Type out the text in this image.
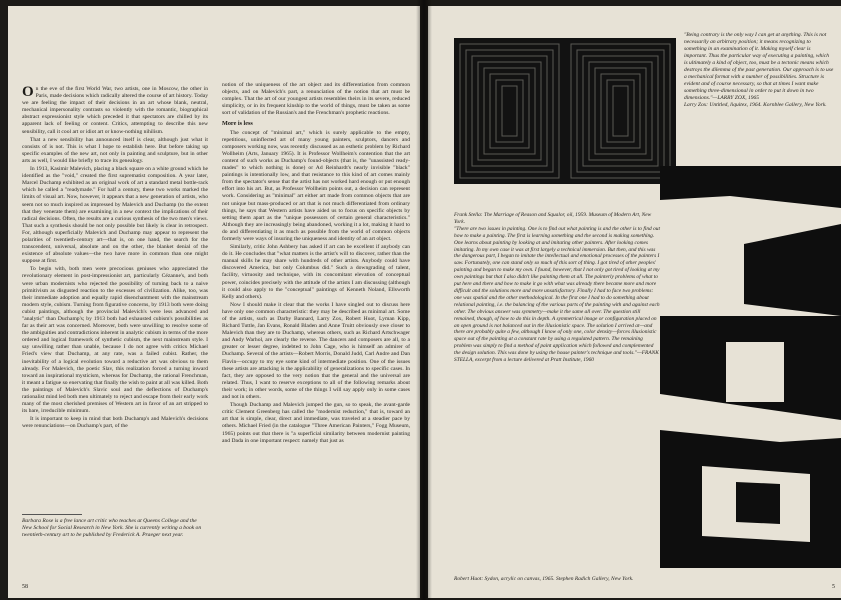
On the eve of the first World War, two artists, one in Moscow, the other in Paris, made decisions which radically altered the course of art history. Today we are feeling the impact of their decisions in an art whose blank, neutral, mechanical impersonality contrasts so violently with the romantic, biographical abstract expressionist style which preceded it that spectators are chilled by its apparent lack of feeling or content. Critics, attempting to describe this new sensibility, call it cool art or idiot art or know-nothing nihilism.

That a new sensibility has announced itself is clear, although just what it consists of is not. This is what I hope to establish here. But before taking up specific examples of the new art, not only in painting and sculpture, but in other arts as well, I would like briefly to trace its genealogy.

In 1913, Kasimir Malevich, placing a black square on a white ground which he identified as the "void," created the first suprematist composition. A year later, Marcel Duchamp exhibited as an original work of art a standard metal bottle-rack which he called a "readymade." For half a century, these two works marked the limits of visual art. Now, however, it appears that a new generation of artists, who seem not so much inspired as impressed by Malevich and Duchamp (to the extent that they venerate them) are examining in a new context the implications of their radical decisions. Often, the results are a curious synthesis of the two men's views. That such a synthesis should be not only possible but likely is clear in retrospect. For, although superficially Malevich and Duchamp may appear to represent the polarities of twentieth-century art—that is, on one hand, the search for the transcendent, universal, absolute and on the other, the blanket denial of the existence of absolute values—the two have more in common than one might suppose at first.

To begin with, both men were precocious geniuses who appreciated the revolutionary element in post-impressionist art, particularly Cézanne's, and both were urban modernists who rejected the possibility of turning back to a naive primitivism as disgusted reaction to the excesses of civilization. Alike, too, was their immediate adoption and equally rapid disenchantment with the mainstream modern style, cubism. Turning from figurative concerns, by 1913 both were doing cubist paintings, although the provincial Malevich's were less advanced and "analytic" than Duchamp's; by 1913 both had exhausted cubism's possibilities as far as their art was concerned. Moreover, both were unwilling to resolve some of the ambiguities and contradictions inherent in analytic cubism in terms of the more ordered and logical framework of synthetic cubism, the next mainstream style. I say unwilling rather than unable, because I do not agree with critics Michael Fried's view that Duchamp, at any rate, was a failed cubist. Rather, the inevitability of a logical evolution toward a reductive art was obvious to them already. For Malevich, the poetic Slav, this realization forced a turning inward toward an inspirational mysticism, whereas for Duchamp, the rational Frenchman, it meant a fatigue so enervating that finally the wish to paint at all was killed. Both the paintings of Malevich's Slavic soul and the deflections of Duchamp's rationalist mind led both men ultimately to reject and escape from their early work many of the most cherished premises of Western art in favor of an art stripped to its bare, irreducible minimum.

It is important to keep in mind that both Duchamp's and Malevich's decisions were renunciations—on Duchamp's part, of the

notion of the uniqueness of the art object and its differentiation from common objects, and on Malevich's part, a renunciation of the notion that art must be complex. That the art of our youngest artists resembles theirs in its severe, reduced simplicity, or in its frequent kinship to the world of things, must be taken as some sort of validation of the Russian's and the Frenchman's prophetic reactions.

More is less

The concept of "minimal art," which is surely applicable to the empty, repetitious, uninflected art of many young painters, sculptors, dancers and composers working now, was recently discussed as an esthetic problem by Richard Wollheim (Arts, January 1965). It is Professor Wollheim's contention that the art content of such works as Duchamp's found-objects (that is, the "unassisted ready-mades" to which nothing is done) or Ad Reinhardt's nearly invisible "black" paintings is intentionally low, and that resistance to this kind of art comes mainly from the spectator's sense that the artist has not worked hard enough or put enough effort into his art. But, as Professor Wollheim points out, a decision can represent work. Considering as "minimal" art either art made from common objects that are not unique but mass-produced or art that is not much differentiated from ordinary things, he says that Western artists have aided us to focus on specific objects by setting them apart as the "unique possessors of certain general characteristics." Although they are increasingly being abandoned, working it a lot, making it hard to do and differentiating it as much as possible from the world of common objects formerly were ways of insuring the uniqueness and identity of an art object.

Similarly, critic John Ashbery has asked if art can be excellent if anybody can do it. He concludes that "what matters is the artist's will to discover, rather than the manual skills he may share with hundreds of other artists. Anybody could have discovered America, but only Columbus did." Such a downgrading of talent, facility, virtuosity and technique, with its concomitant elevation of conceptual power, coincides precisely with the attitude of the artists I am discussing (although it could also apply to the "conceptual" paintings of Kenneth Noland, Ellsworth Kelly and others).

Now I should make it clear that the works I have singled out to discuss here have only one common characteristic: they may be described as minimal art. Some of the artists, such as Darby Bannard, Larry Zox, Robert Huot, Lyman Kipp, Richard Tuttle, Jan Evans, Ronald Bladen and Anne Truitt obviously owe closer to Malevich than they are to Duchamp, whereas others, such as Richard Artschwager and Andy Warhol, are clearly the reverse. The dancers and composers are all, to a greater or lesser degree, indebted to John Cage, who is himself an admirer of Duchamp. Several of the artists—Robert Morris, Donald Judd, Carl Andre and Dan Flavin—occupy to my eye some kind of intermediate position. One of the issues these artists are attacking is the applicability of generalizations to specific cases. In fact, they are opposed to the very notion that the general and the universal are related. Thus, I want to reserve exceptions to all of the following remarks about their work; in other words, some of the things I will say apply only in some cases and not in others.

Though Duchamp and Malevich jumped the gun, so to speak, the avant-garde critic Clement Greenberg has called the "modernist reduction," that is, toward an art that is simple, clear, direct and immediate, was traveled at a steadier pace by others. Michael Fried (in the catalogue "Three American Painters," Fogg Museum, 1965) points out that there is "a superficial similarity between modernist painting and Dada in one important respect: namely that just as

Barbara Rose is a free lance art critic who teaches at Queens College and the New School for Social Research in New York. She is currently writing a book on twentieth-century art to be published by Frederick A. Praeger next year.
58
"Being contrary is the only way I can get at anything. This is not necessarily an arbitrary position; it means recognizing to something in an examination of it. Making myself clear is important. Thus the particular way of executing a painting, which is ultimately a kind of object, too, must be a tectonic means which destroys the dilemma of the past generation. Our approach is to use a mechanical format with a number of possibilities. Structure is evident and of course necessary, so that at times I want make something three-dimensional in order to put it down in two dimensions."—LARRY ZOX, 1965
Larry Zox: Untitled, liquitex, 1964. Kornblee Gallery, New York.
Frank Stella: The Marriage of Reason and Squalor, oil, 1959. Museum of Modern Art, New York.
"There are two issues in painting. One is to find out what painting is and the other is to find out how to make a painting. The first is learning something and the second is making something. One learns about painting by looking at and imitating other painters. After looking comes imitating. In my own case it was at first largely a technical immersion. But then, and this was the dangerous part, I began to imitate the intellectual and emotional processes of the painters I saw. Fortunately, one can stand only so much of this sort of thing. I got tired of other peoples' painting and began to make my own. I found, however, that I not only got tired of looking at my own paintings but that I also didn't like painting them at all. The painterly problems of what to put here and there and how to make it go with what was already there became more and more difficult and the solutions more and more unsatisfactory. Finally I had to face two problems: one was spatial and the other methodological. In the first one I had to do something about relational painting, i.e. the balancing of the various parts of the painting with and against each other. The obvious answer was symmetry—make it the same all over. The question still remained, though, of how to do this in depth. A symmetrical image or configuration placed on an open ground is not balanced out in the illusionistic space. The solution I arrived at—and there are probably quite a few, although I know of only one, color density—forces illusionistic space out of the painting at a constant rate by using a regulated pattern. The remaining problem was simply to find a method of paint application which followed and complemented the design solution. This was done by using the house painter's technique and tools."—FRANK STELLA, excerpt from a lecture delivered at Pratt Institute, 1960
Robert Huot: Sydon, acrylic on canvas, 1965. Stephen Radich Gallery, New York.
5
